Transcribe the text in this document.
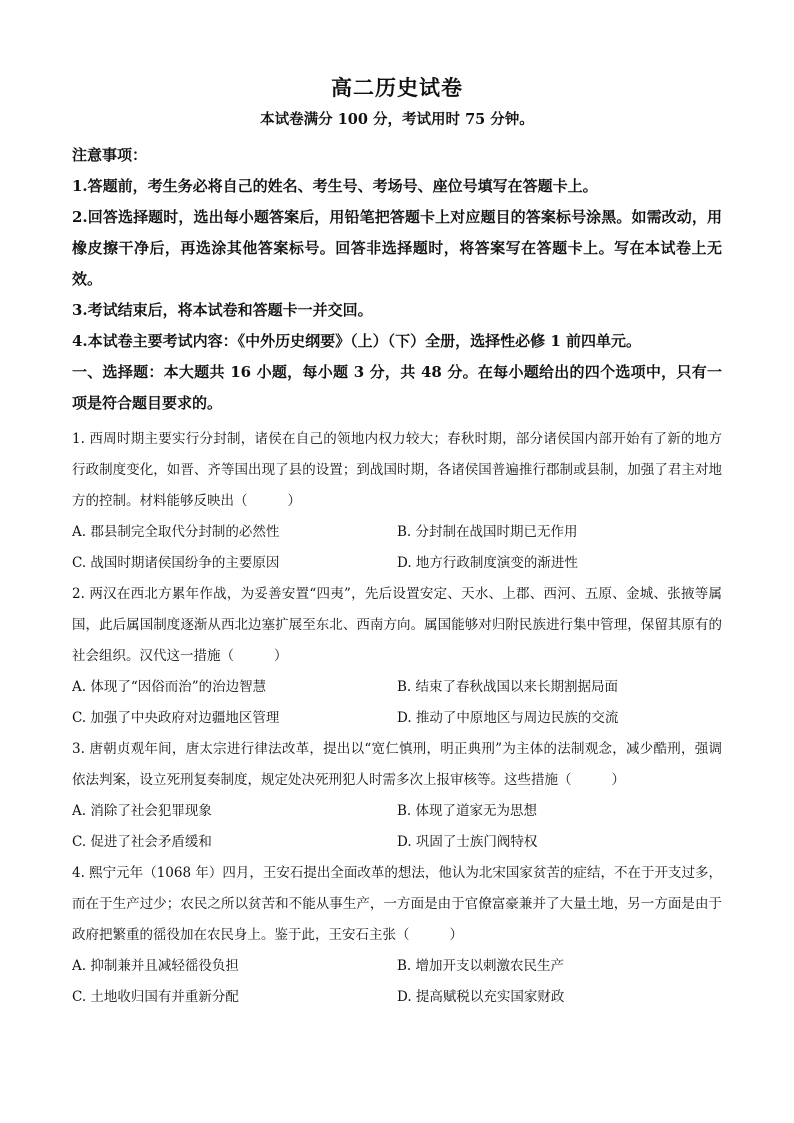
高二历史试卷
本试卷满分 100 分，考试用时 75 分钟。

注意事项：

1.答题前，考生务必将自己的姓名、考生号、考场号、座位号填写在答题卡上。

2.回答选择题时，选出每小题答案后，用铅笔把答题卡上对应题目的答案标号涂黑。如需改动，用橡皮擦干净后，再选涂其他答案标号。回答非选择题时，将答案写在答题卡上。写在本试卷上无效。

3.考试结束后，将本试卷和答题卡一并交回。

4.本试卷主要考试内容：《中外历史纲要》（上）（下）全册，选择性必修 1 前四单元。

一、选择题：本大题共 16 小题，每小题 3 分，共 48 分。在每小题给出的四个选项中，只有一项是符合题目要求的。

1. 西周时期主要实行分封制，诸侯在自己的领地内权力较大；春秋时期，部分诸侯国内部开始有了新的地方行政制度变化，如晋、齐等国出现了县的设置；到战国时期，各诸侯国普遍推行郡制或县制，加强了君主对地方的控制。材料能够反映出（	）

A. 郡县制完全取代分封制的必然性	B. 分封制在战国时期已无作用
C. 战国时期诸侯国纷争的主要原因	D. 地方行政制度演变的渐进性

2. 两汉在西北方累年作战，为妥善安置“四夷”，先后设置安定、天水、上郡、西河、五原、金城、张掖等属国，此后属国制度逐渐从西北边塞扩展至东北、西南方向。属国能够对归附民族进行集中管理，保留其原有的社会组织。汉代这一措施（	）

A. 体现了“因俗而治”的治边智慧	B. 结束了春秋战国以来长期割据局面
C. 加强了中央政府对边疆地区管理	D. 推动了中原地区与周边民族的交流

3. 唐朝贞观年间，唐太宗进行律法改革，提出以“宽仁慎刑，明正典刑”为主体的法制观念，减少酷刑，强调依法判案，设立死刑复奏制度，规定处决死刑犯人时需多次上报审核等。这些措施（	）

A. 消除了社会犯罪现象	B. 体现了道家无为思想
C. 促进了社会矛盾缓和	D. 巩固了士族门阀特权

4. 熙宁元年（1068 年）四月，王安石提出全面改革的想法，他认为北宋国家贫苦的症结，不在于开支过多，而在于生产过少；农民之所以贫苦和不能从事生产，一方面是由于官僚富豪兼并了大量土地，另一方面是由于政府把繁重的徭役加在农民身上。鉴于此，王安石主张（	）

A. 抑制兼并且减轻徭役负担	B. 增加开支以刺激农民生产
C. 土地收归国有并重新分配	D. 提高赋税以充实国家财政
